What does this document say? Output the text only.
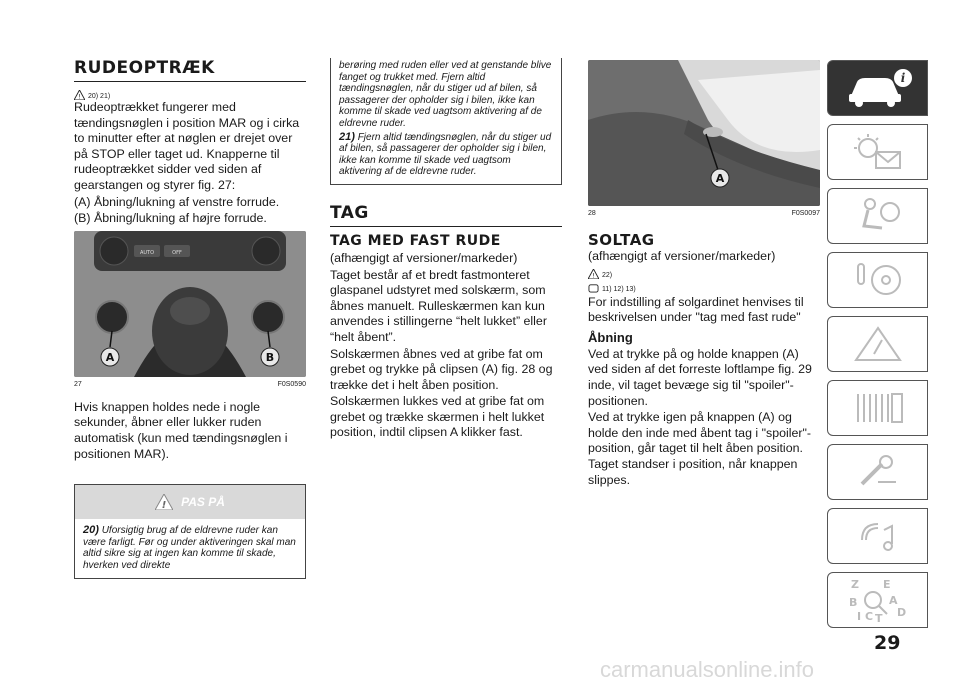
RUDEOPTRÆK
! 20) 21)
Rudeoptrækket fungerer med tændingsnøglen i position MAR og i cirka to minutter efter at nøglen er drejet over på STOP eller taget ud. Knapperne til rudeoptrækket sidder ved siden af gearstangen og styrer fig. 27:
(A) Åbning/lukning af venstre forrude.
(B) Åbning/lukning af højre forrude.
AUTO	OFF
A	B
27	F0S0590
Hvis knappen holdes nede i nogle sekunder, åbner eller lukker ruden automatisk (kun med tændingsnøglen i positionen MAR).
! PAS PÅ
20) Uforsigtig brug af de eldrevne ruder kan være farligt. Før og under aktiveringen skal man altid sikre sig at ingen kan komme til skade, hverken ved direkte
berøring med ruden eller ved at genstande blive fanget og trukket med. Fjern altid tændingsnøglen, når du stiger ud af bilen, så passagerer der opholder sig i bilen, ikke kan komme til skade ved uagtsom aktivering af de eldrevne ruder.
21) Fjern altid tændingsnøglen, når du stiger ud af bilen, så passagerer der opholder sig i bilen, ikke kan komme til skade ved uagtsom aktivering af de eldrevne ruder.
TAG
TAG MED FAST RUDE
(afhængigt af versioner/markeder)
Taget består af et bredt fastmonteret glaspanel udstyret med solskærm, som åbnes manuelt. Rulleskærmen kan kun anvendes i stillingerne “helt lukket” eller “helt åbent”.
Solskærmen åbnes ved at gribe fat om grebet og trykke på clipsen (A) fig. 28 og trække det i helt åben position.
Solskærmen lukkes ved at gribe fat om grebet og trække skærmen i helt lukket position, indtil clipsen A klikker fast.
A
28	F0S0097
SOLTAG
(afhængigt af versioner/markeder)
! 22)
11) 12) 13)
For indstilling af solgardinet henvises til beskrivelsen under "tag med fast rude"
Åbning
Ved at trykke på og holde knappen (A) ved siden af det forreste loftlampe fig. 29 inde, vil taget bevæge sig til "spoiler"-positionen.
Ved at trykke igen på knappen (A) og holde den inde med åbent tag i "spoiler"-position, går taget til helt åben position. Taget standser i position, når knappen slippes.
i
Z E
B	A
D
I C T
29
carmanualsonline.info
